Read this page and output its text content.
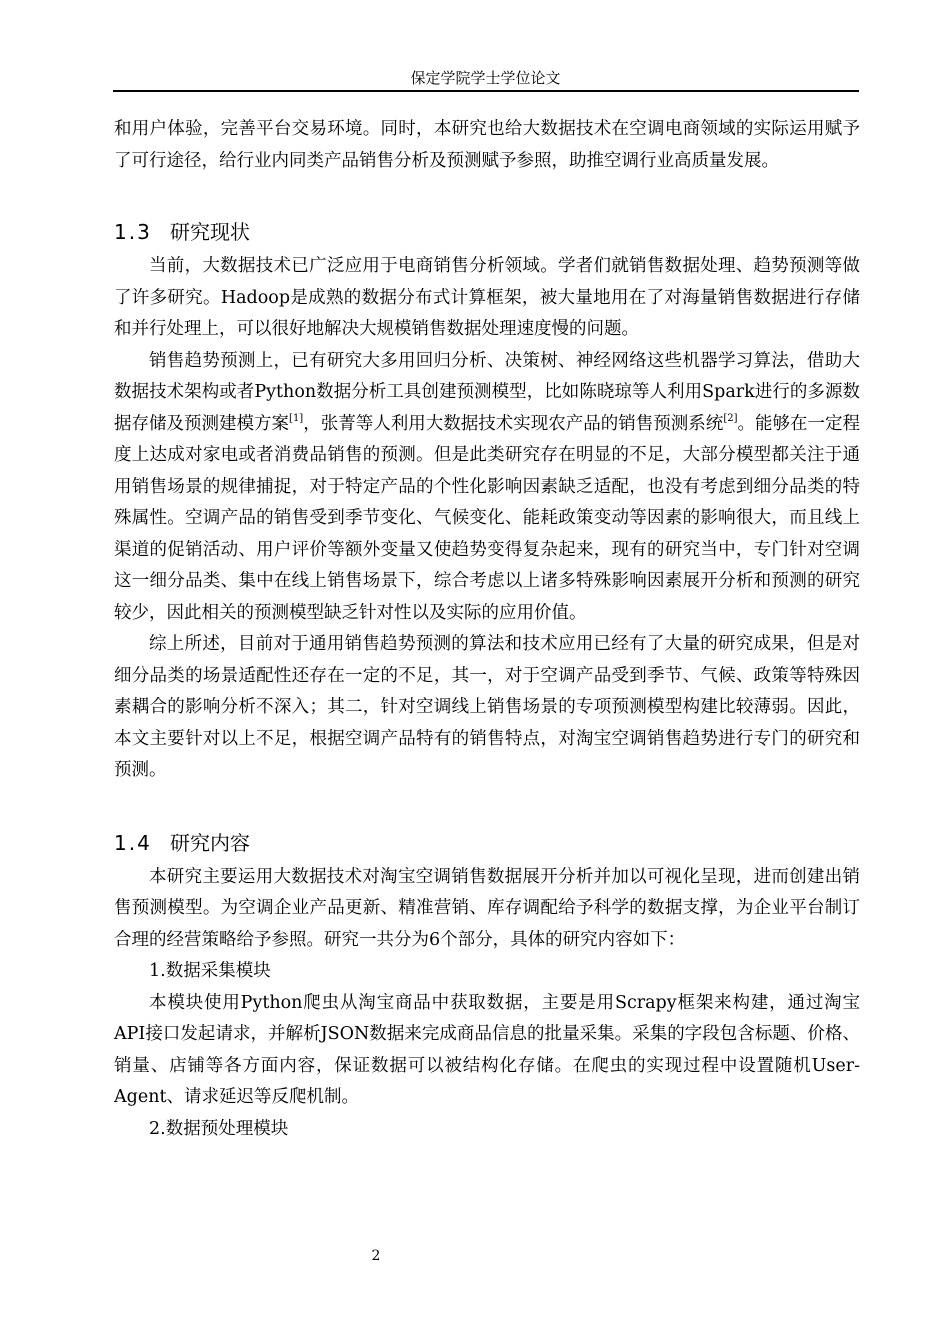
保定学院学士学位论文

和用户体验，完善平台交易环境。同时，本研究也给大数据技术在空调电商领域的实际运用赋予了可行途径，给行业内同类产品销售分析及预测赋予参照，助推空调行业高质量发展。

1.3 研究现状

当前，大数据技术已广泛应用于电商销售分析领域。学者们就销售数据处理、趋势预测等做了许多研究。Hadoop是成熟的数据分布式计算框架，被大量地用在了对海量销售数据进行存储和并行处理上，可以很好地解决大规模销售数据处理速度慢的问题。

销售趋势预测上，已有研究大多用回归分析、决策树、神经网络这些机器学习算法，借助大数据技术架构或者Python数据分析工具创建预测模型，比如陈晓琼等人利用Spark进行的多源数据存储及预测建模方案[1]，张菁等人利用大数据技术实现农产品的销售预测系统[2]。能够在一定程度上达成对家电或者消费品销售的预测。但是此类研究存在明显的不足，大部分模型都关注于通用销售场景的规律捕捉，对于特定产品的个性化影响因素缺乏适配，也没有考虑到细分品类的特殊属性。空调产品的销售受到季节变化、气候变化、能耗政策变动等因素的影响很大，而且线上渠道的促销活动、用户评价等额外变量又使趋势变得复杂起来，现有的研究当中，专门针对空调这一细分品类、集中在线上销售场景下，综合考虑以上诸多特殊影响因素展开分析和预测的研究较少，因此相关的预测模型缺乏针对性以及实际的应用价值。

综上所述，目前对于通用销售趋势预测的算法和技术应用已经有了大量的研究成果，但是对细分品类的场景适配性还存在一定的不足，其一，对于空调产品受到季节、气候、政策等特殊因素耦合的影响分析不深入；其二，针对空调线上销售场景的专项预测模型构建比较薄弱。因此，本文主要针对以上不足，根据空调产品特有的销售特点，对淘宝空调销售趋势进行专门的研究和预测。

1.4 研究内容

本研究主要运用大数据技术对淘宝空调销售数据展开分析并加以可视化呈现，进而创建出销售预测模型。为空调企业产品更新、精准营销、库存调配给予科学的数据支撑，为企业平台制订合理的经营策略给予参照。研究一共分为6个部分，具体的研究内容如下：

1.数据采集模块

本模块使用Python爬虫从淘宝商品中获取数据，主要是用Scrapy框架来构建，通过淘宝API接口发起请求，并解析JSON数据来完成商品信息的批量采集。采集的字段包含标题、价格、销量、店铺等各方面内容，保证数据可以被结构化存储。在爬虫的实现过程中设置随机User-Agent、请求延迟等反爬机制。

2.数据预处理模块

2
